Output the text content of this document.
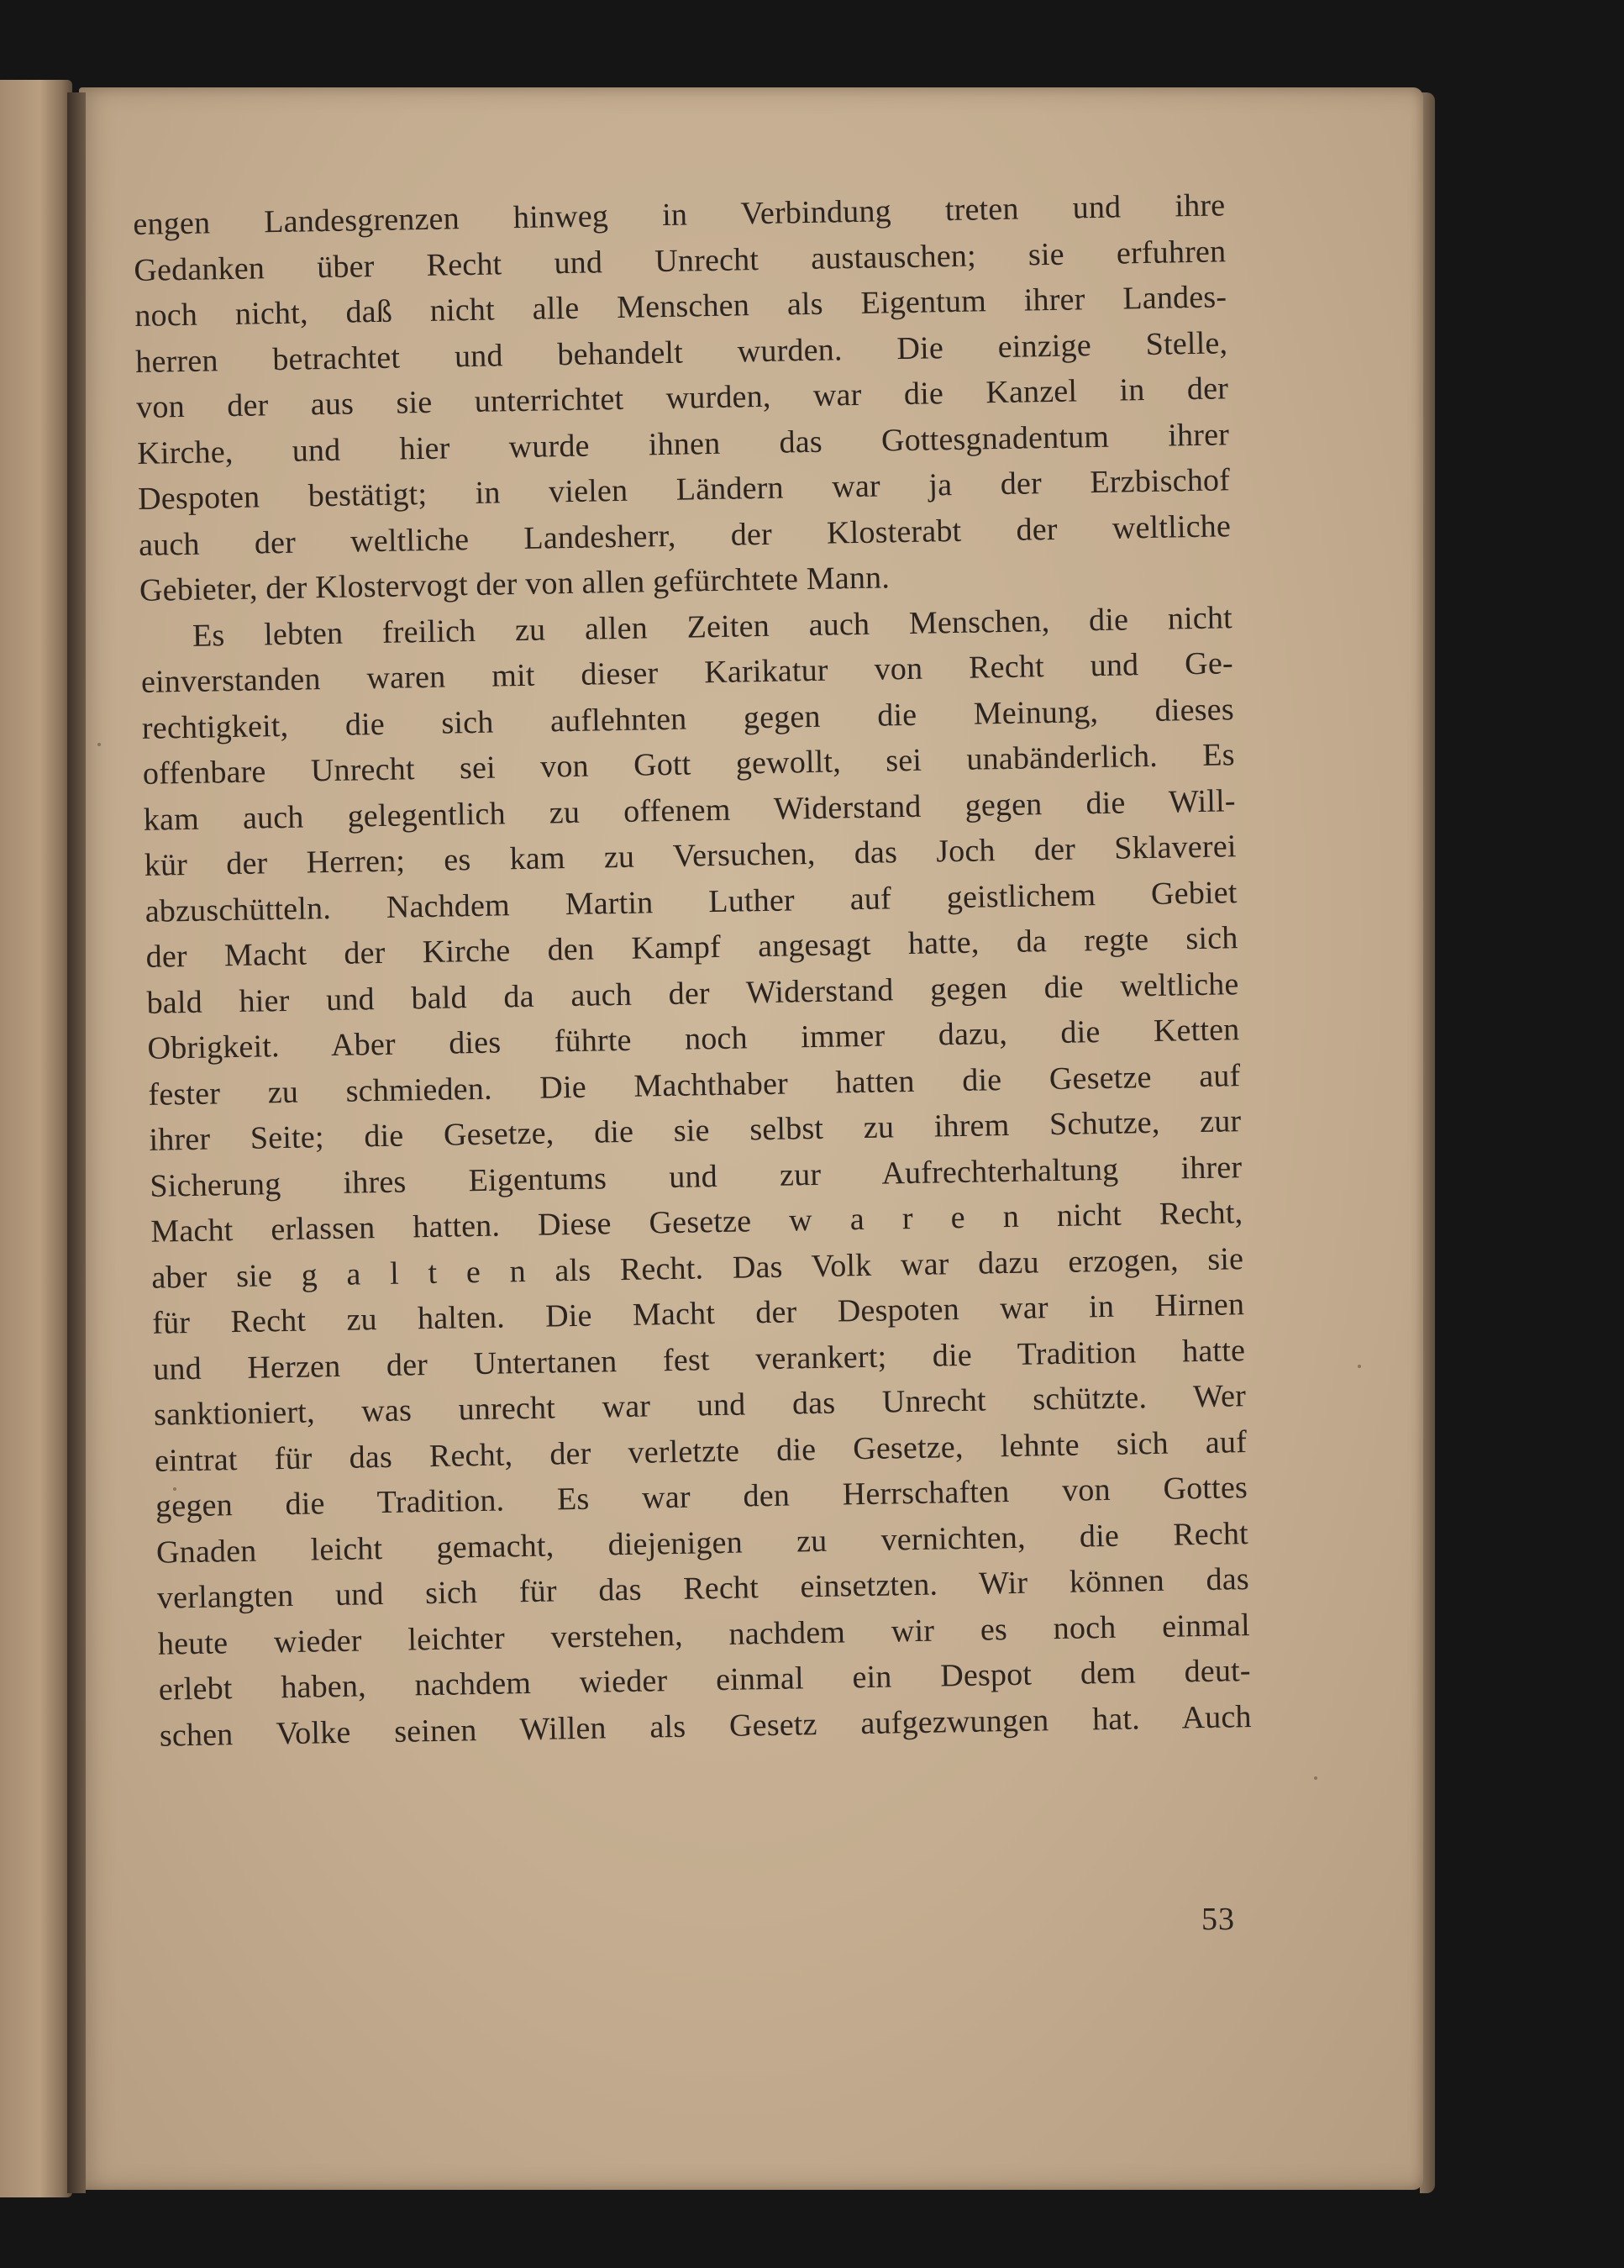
engen Landesgrenzen hinweg in Verbindung treten und ihre
Gedanken über Recht und Unrecht austauschen; sie erfuhren
noch nicht, daß nicht alle Menschen als Eigentum ihrer Landes-
herren betrachtet und behandelt wurden. Die einzige Stelle,
von der aus sie unterrichtet wurden, war die Kanzel in der
Kirche, und hier wurde ihnen das Gottesgnadentum ihrer
Despoten bestätigt; in vielen Ländern war ja der Erzbischof
auch der weltliche Landesherr, der Klosterabt der weltliche
Gebieter, der Klostervogt der von allen gefürchtete Mann.
Es lebten freilich zu allen Zeiten auch Menschen, die nicht
einverstanden waren mit dieser Karikatur von Recht und Ge-
rechtigkeit, die sich auflehnten gegen die Meinung, dieses
offenbare Unrecht sei von Gott gewollt, sei unabänderlich. Es
kam auch gelegentlich zu offenem Widerstand gegen die Will-
kür der Herren; es kam zu Versuchen, das Joch der Sklaverei
abzuschütteln. Nachdem Martin Luther auf geistlichem Gebiet
der Macht der Kirche den Kampf angesagt hatte, da regte sich
bald hier und bald da auch der Widerstand gegen die weltliche
Obrigkeit. Aber dies führte noch immer dazu, die Ketten
fester zu schmieden. Die Machthaber hatten die Gesetze auf
ihrer Seite; die Gesetze, die sie selbst zu ihrem Schutze, zur
Sicherung ihres Eigentums und zur Aufrechterhaltung ihrer
Macht erlassen hatten. Diese Gesetze w a r e n nicht Recht,
aber sie g a l t e n als Recht. Das Volk war dazu erzogen, sie
für Recht zu halten. Die Macht der Despoten war in Hirnen
und Herzen der Untertanen fest verankert; die Tradition hatte
sanktioniert, was unrecht war und das Unrecht schützte. Wer
eintrat für das Recht, der verletzte die Gesetze, lehnte sich auf
gegen die Tradition. Es war den Herrschaften von Gottes
Gnaden leicht gemacht, diejenigen zu vernichten, die Recht
verlangten und sich für das Recht einsetzten. Wir können das
heute wieder leichter verstehen, nachdem wir es noch einmal
erlebt haben, nachdem wieder einmal ein Despot dem deut-
schen Volke seinen Willen als Gesetz aufgezwungen hat. Auch
53
